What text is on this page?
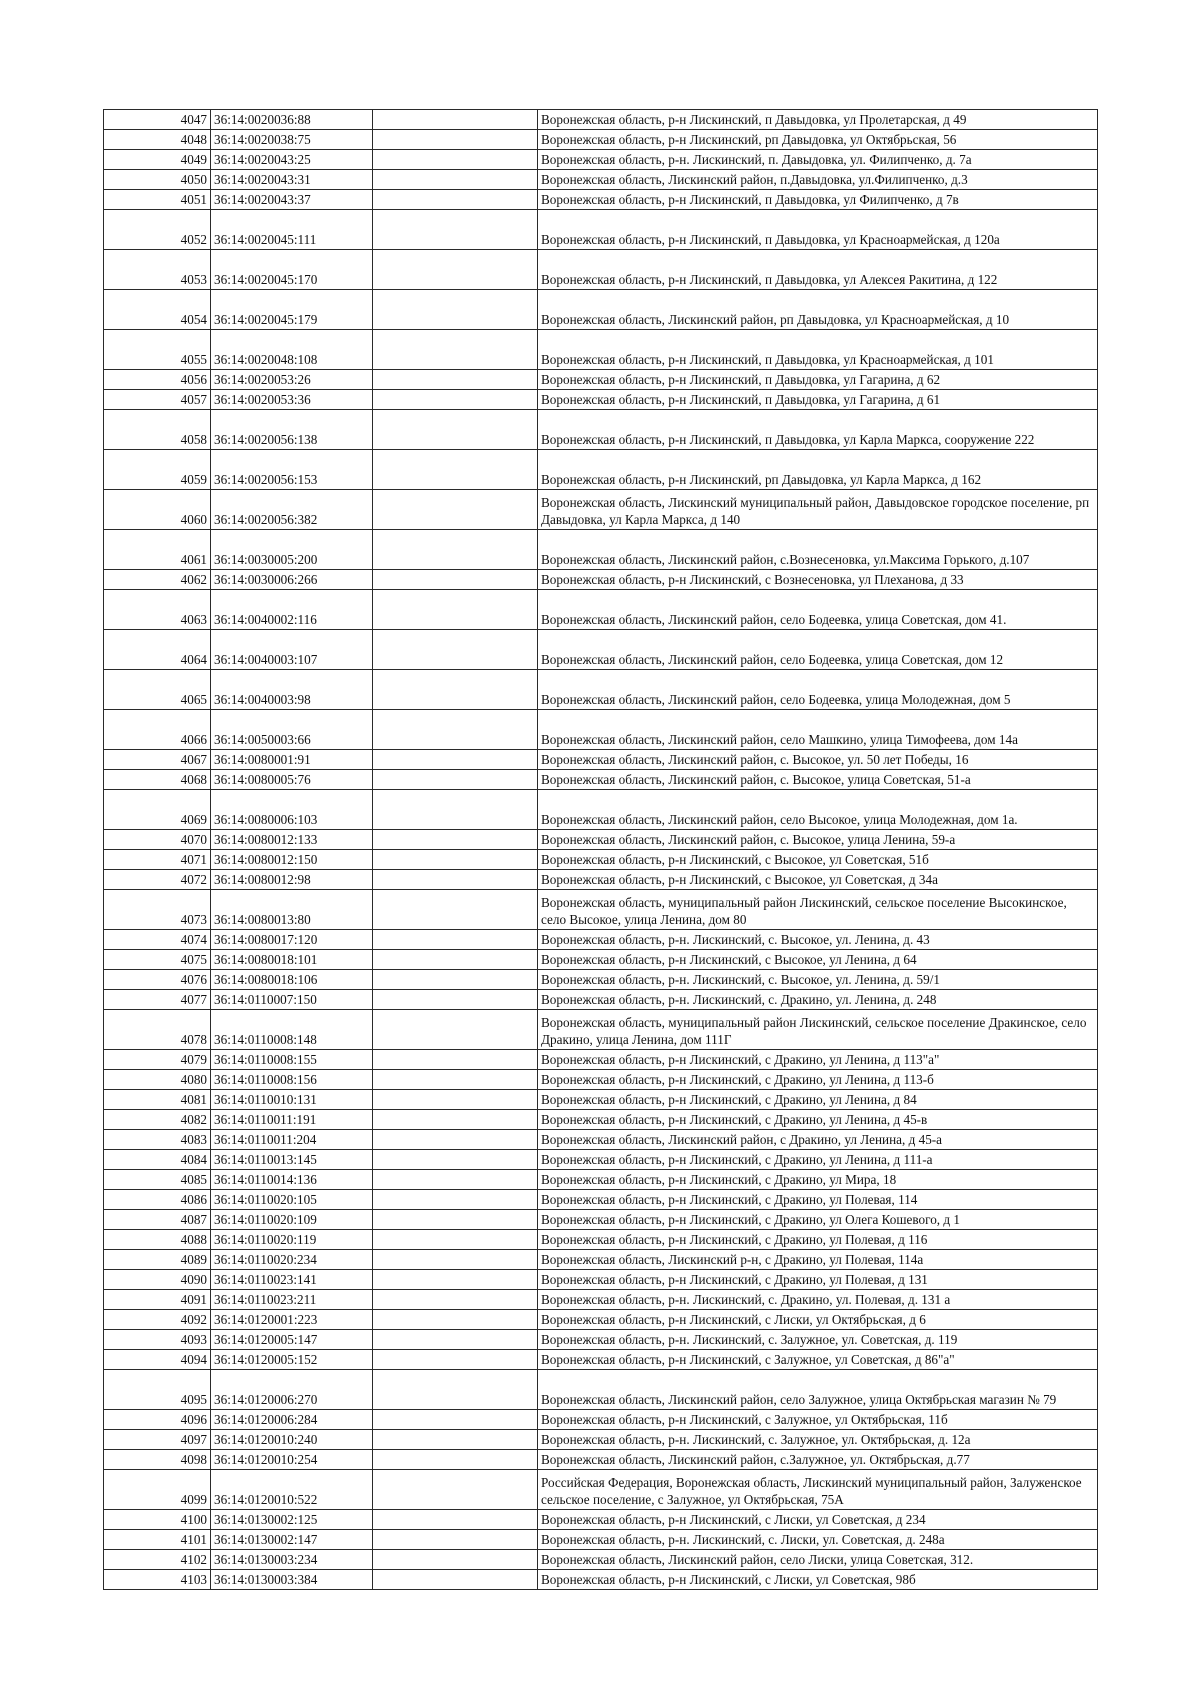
4047	36:14:0020036:88		Воронежская область, р-н Лискинский, п Давыдовка, ул Пролетарская, д 49
4048	36:14:0020038:75		Воронежская область, р-н Лискинский, рп Давыдовка, ул Октябрьская, 56
4049	36:14:0020043:25		Воронежская область, р-н. Лискинский, п. Давыдовка, ул. Филипченко, д. 7а
4050	36:14:0020043:31		Воронежская область, Лискинский район, п.Давыдовка, ул.Филипченко, д.3
4051	36:14:0020043:37		Воронежская область, р-н Лискинский, п Давыдовка, ул Филипченко, д 7в
4052	36:14:0020045:111		Воронежская область, р-н Лискинский, п Давыдовка, ул Красноармейская, д 120а
4053	36:14:0020045:170		Воронежская область, р-н Лискинский, п Давыдовка, ул Алексея Ракитина, д 122
4054	36:14:0020045:179		Воронежская область, Лискинский район, рп Давыдовка, ул Красноармейская, д 10
4055	36:14:0020048:108		Воронежская область, р-н Лискинский, п Давыдовка, ул Красноармейская, д 101
4056	36:14:0020053:26		Воронежская область, р-н Лискинский, п Давыдовка, ул Гагарина, д 62
4057	36:14:0020053:36		Воронежская область, р-н Лискинский, п Давыдовка, ул Гагарина, д 61
4058	36:14:0020056:138		Воронежская область, р-н Лискинский, п Давыдовка, ул Карла Маркса, сооружение 222
4059	36:14:0020056:153		Воронежская область, р-н Лискинский, рп Давыдовка, ул Карла Маркса, д 162
4060	36:14:0020056:382		Воронежская область, Лискинский муниципальный район, Давыдовское городское поселение, рп Давыдовка, ул Карла Маркса, д 140
4061	36:14:0030005:200		Воронежская область, Лискинский район, с.Вознесеновка, ул.Максима Горького, д.107
4062	36:14:0030006:266		Воронежская область, р-н Лискинский, с Вознесеновка, ул Плеханова, д 33
4063	36:14:0040002:116		Воронежская область, Лискинский район, село Бодеевка, улица Советская, дом 41.
4064	36:14:0040003:107		Воронежская область, Лискинский район, село Бодеевка, улица Советская, дом 12
4065	36:14:0040003:98		Воронежская область, Лискинский район, село Бодеевка, улица Молодежная, дом 5
4066	36:14:0050003:66		Воронежская область, Лискинский район, село Машкино, улица Тимофеева, дом 14а
4067	36:14:0080001:91		Воронежская область, Лискинский район, с. Высокое, ул. 50 лет Победы, 16
4068	36:14:0080005:76		Воронежская область, Лискинский район, с. Высокое, улица Советская, 51-а
4069	36:14:0080006:103		Воронежская область, Лискинский район, село Высокое, улица Молодежная, дом 1а.
4070	36:14:0080012:133		Воронежская область, Лискинский район, с. Высокое, улица Ленина, 59-а
4071	36:14:0080012:150		Воронежская область, р-н Лискинский, с Высокое, ул Советская, 51б
4072	36:14:0080012:98		Воронежская область, р-н Лискинский, с Высокое, ул Советская, д 34а
4073	36:14:0080013:80		Воронежская область, муниципальный район Лискинский, сельское поселение Высокинское, село Высокое, улица Ленина, дом 80
4074	36:14:0080017:120		Воронежская область, р-н. Лискинский, с. Высокое, ул. Ленина, д. 43
4075	36:14:0080018:101		Воронежская область, р-н Лискинский, с Высокое, ул Ленина, д 64
4076	36:14:0080018:106		Воронежская область, р-н. Лискинский, с. Высокое, ул. Ленина, д. 59/1
4077	36:14:0110007:150		Воронежская область, р-н. Лискинский, с. Дракино, ул. Ленина, д. 248
4078	36:14:0110008:148		Воронежская область, муниципальный район Лискинский, сельское поселение Дракинское, село Дракино, улица Ленина, дом 111Г
4079	36:14:0110008:155		Воронежская область, р-н Лискинский, с Дракино, ул Ленина, д 113"а"
4080	36:14:0110008:156		Воронежская область, р-н Лискинский, с Дракино, ул Ленина, д 113-б
4081	36:14:0110010:131		Воронежская область, р-н Лискинский, с Дракино, ул Ленина, д 84
4082	36:14:0110011:191		Воронежская область, р-н Лискинский, с Дракино, ул Ленина, д 45-в
4083	36:14:0110011:204		Воронежская область, Лискинский район, с Дракино, ул Ленина, д 45-а
4084	36:14:0110013:145		Воронежская область, р-н Лискинский, с Дракино, ул Ленина, д 111-а
4085	36:14:0110014:136		Воронежская область, р-н Лискинский, с Дракино, ул Мира, 18
4086	36:14:0110020:105		Воронежская область, р-н Лискинский, с Дракино, ул Полевая, 114
4087	36:14:0110020:109		Воронежская область, р-н Лискинский, с Дракино, ул Олега Кошевого, д 1
4088	36:14:0110020:119		Воронежская область, р-н Лискинский, с Дракино, ул Полевая, д 116
4089	36:14:0110020:234		Воронежская область, Лискинский р-н, с Дракино, ул Полевая, 114а
4090	36:14:0110023:141		Воронежская область, р-н Лискинский, с Дракино, ул Полевая, д 131
4091	36:14:0110023:211		Воронежская область, р-н. Лискинский, с. Дракино, ул. Полевая, д. 131 а
4092	36:14:0120001:223		Воронежская область, р-н Лискинский, с Лиски, ул Октябрьская, д 6
4093	36:14:0120005:147		Воронежская область, р-н. Лискинский, с. Залужное, ул. Советская, д. 119
4094	36:14:0120005:152		Воронежская область, р-н Лискинский, с Залужное, ул Советская, д 86"а"
4095	36:14:0120006:270		Воронежская область, Лискинский район, село Залужное, улица Октябрьская магазин № 79
4096	36:14:0120006:284		Воронежская область, р-н Лискинский, с Залужное, ул Октябрьская, 11б
4097	36:14:0120010:240		Воронежская область, р-н. Лискинский, с. Залужное, ул. Октябрьская, д. 12а
4098	36:14:0120010:254		Воронежская область, Лискинский район, с.Залужное, ул. Октябрьская, д.77
4099	36:14:0120010:522		Российская Федерация, Воронежская область, Лискинский муниципальный район, Залуженское сельское поселение, с Залужное, ул Октябрьская, 75А
4100	36:14:0130002:125		Воронежская область, р-н Лискинский, с Лиски, ул Советская, д 234
4101	36:14:0130002:147		Воронежская область, р-н. Лискинский, с. Лиски, ул. Советская, д. 248а
4102	36:14:0130003:234		Воронежская область, Лискинский район, село Лиски, улица Советская, 312.
4103	36:14:0130003:384		Воронежская область, р-н Лискинский, с Лиски, ул Советская, 98б
